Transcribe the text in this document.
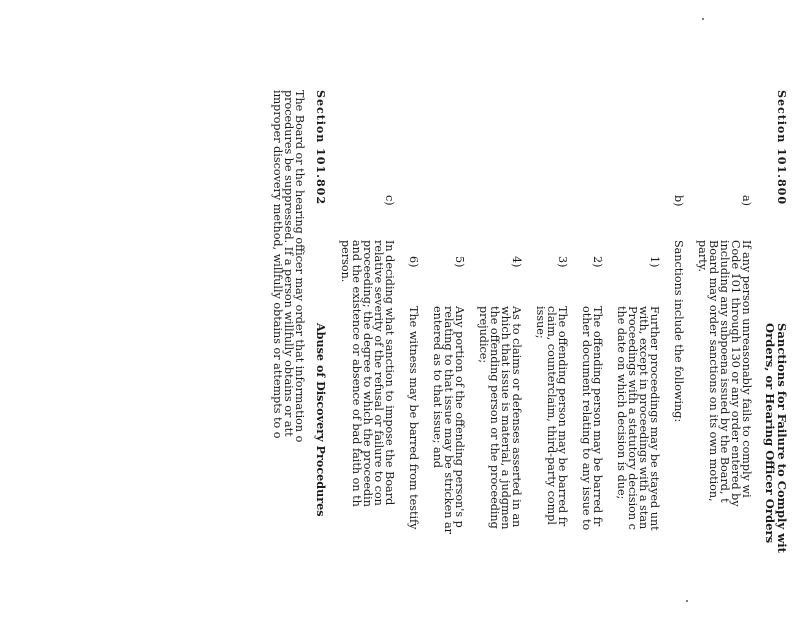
Section 101.800
Sanctions for Failure to Comply wit
Orders, or Hearing Officer Orders
a)
If any person unreasonably fails to comply wi
Code 101 through 130 or any order entered by
including any subpoena issued by the Board, t
Board may order sanctions on its own motion,
party.
b)
Sanctions include the following:
1)
Further proceedings may be stayed unt
with, except in proceedings with a stan
Proceedings with a statutory decision c
the date on which decision is due;
2)
The offending person may be barred fr
other document relating to any issue to
3)
The offending person may be barred fr
claim, counterclaim, third-party compl
issue;
4)
As to claims or defenses asserted in an
which that issue is material, a judgmen
the offending person or the proceeding
prejudice;
5)
Any portion of the offending person's p
relating to that issue may be stricken ar
entered as to that issue; and
6)
The witness may be barred from testify
c)
In deciding what sanction to impose the Board
relative severity of the refusal or failure to con
proceeding; the degree to which the proceedin
and the existence or absence of bad faith on th
person.
Section 101.802
Abuse of Discovery Procedures
The Board or the hearing officer may order that information o
procedures be suppressed. If a person willfully obtains or att
improper discovery method, willfully obtains or attempts to o
